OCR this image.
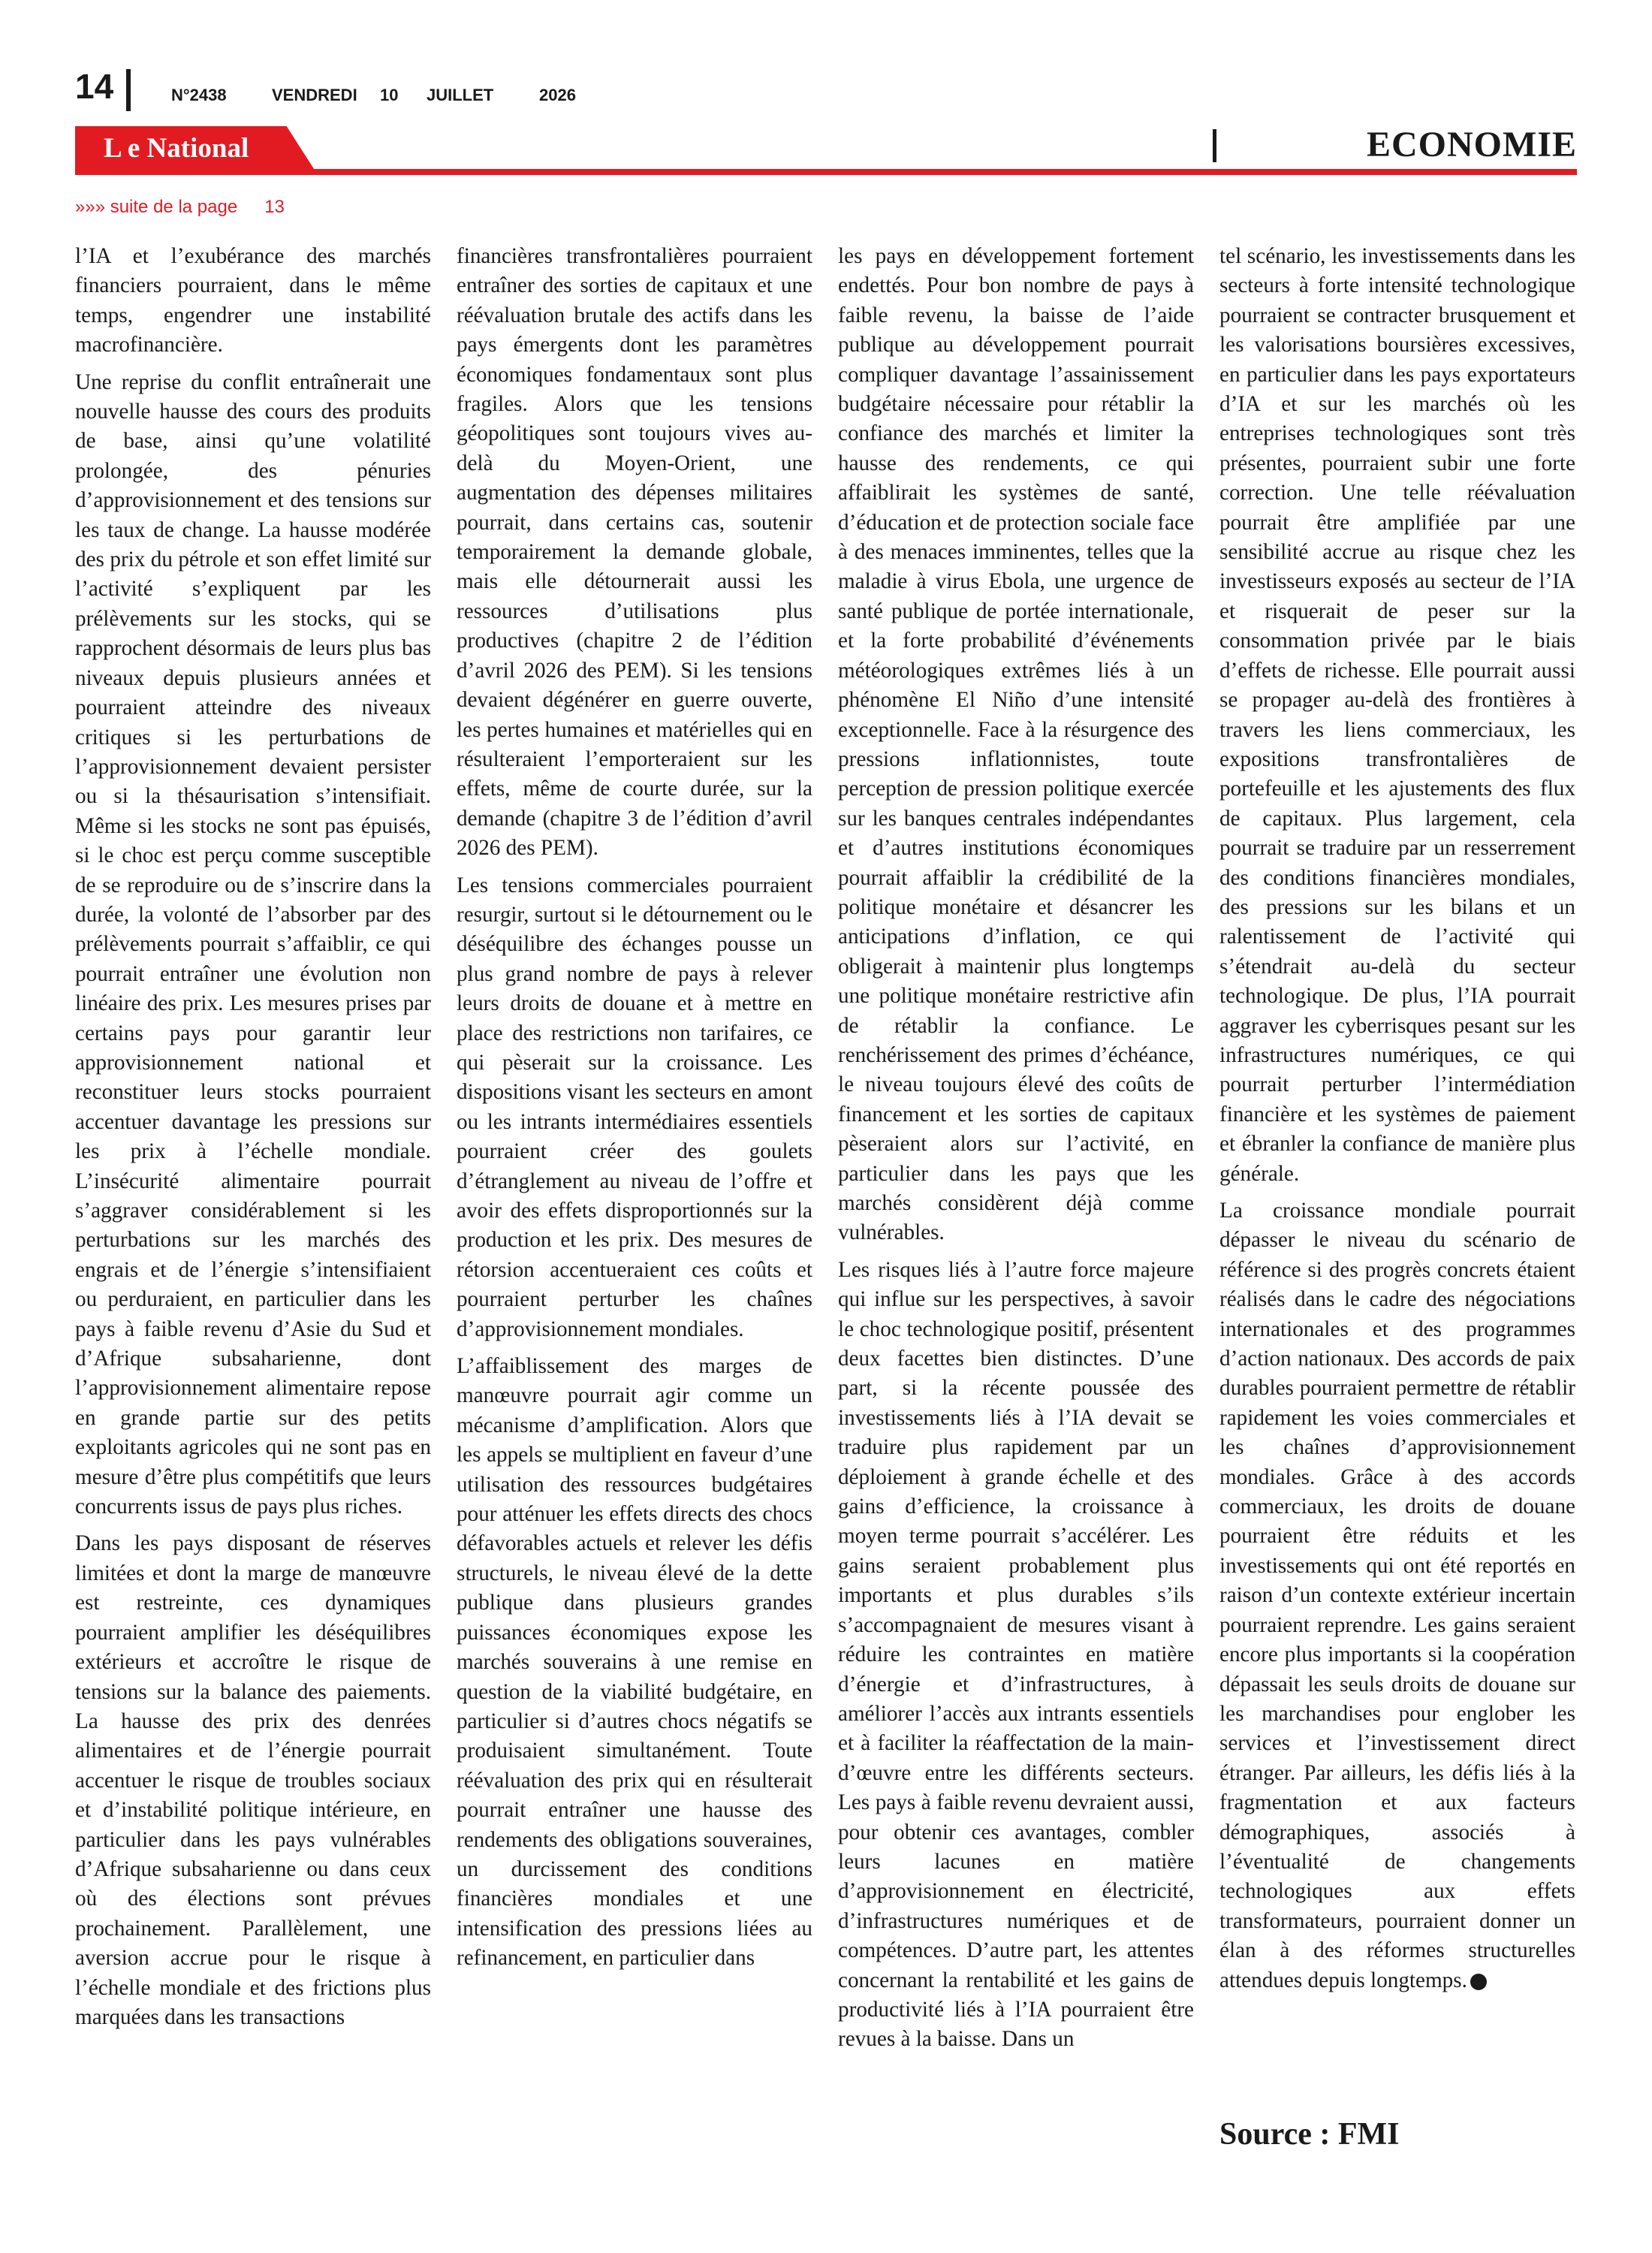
14	N°2438	VENDREDI 10 JUILLET	2026
L e National	ECONOMIE
»»» suite de la page 13

l’IA et l’exubérance des marchés financiers pourraient, dans le même temps, engendrer une instabilité macrofinancière.

Une reprise du conflit entraînerait une nouvelle hausse des cours des produits de base, ainsi qu’une volatilité prolongée, des pénuries d’approvisionnement et des tensions sur les taux de change. La hausse modérée des prix du pétrole et son effet limité sur l’activité s’expliquent par les prélèvements sur les stocks, qui se rapprochent désormais de leurs plus bas niveaux depuis plusieurs années et pourraient atteindre des niveaux critiques si les perturbations de l’approvisionnement devaient persister ou si la thésaurisation s’intensifiait. Même si les stocks ne sont pas épuisés, si le choc est perçu comme susceptible de se reproduire ou de s’inscrire dans la durée, la volonté de l’absorber par des prélèvements pourrait s’affaiblir, ce qui pourrait entraîner une évolution non linéaire des prix. Les mesures prises par certains pays pour garantir leur approvisionnement national et reconstituer leurs stocks pourraient accentuer davantage les pressions sur les prix à l’échelle mondiale. L’insécurité alimentaire pourrait s’aggraver considérablement si les perturbations sur les marchés des engrais et de l’énergie s’intensifiaient ou perduraient, en particulier dans les pays à faible revenu d’Asie du Sud et d’Afrique subsaharienne, dont l’approvisionnement alimentaire repose en grande partie sur des petits exploitants agricoles qui ne sont pas en mesure d’être plus compétitifs que leurs concurrents issus de pays plus riches.

Dans les pays disposant de réserves limitées et dont la marge de manœuvre est restreinte, ces dynamiques pourraient amplifier les déséquilibres extérieurs et accroître le risque de tensions sur la balance des paiements. La hausse des prix des denrées alimentaires et de l’énergie pourrait accentuer le risque de troubles sociaux et d’instabilité politique intérieure, en particulier dans les pays vulnérables d’Afrique subsaharienne ou dans ceux où des élections sont prévues prochainement. Parallèlement, une aversion accrue pour le risque à l’échelle mondiale et des frictions plus marquées dans les transactions

financières transfrontalières pourraient entraîner des sorties de capitaux et une réévaluation brutale des actifs dans les pays émergents dont les paramètres économiques fondamentaux sont plus fragiles. Alors que les tensions géopolitiques sont toujours vives au-delà du Moyen-Orient, une augmentation des dépenses militaires pourrait, dans certains cas, soutenir temporairement la demande globale, mais elle détournerait aussi les ressources d’utilisations plus productives (chapitre 2 de l’édition d’avril 2026 des PEM). Si les tensions devaient dégénérer en guerre ouverte, les pertes humaines et matérielles qui en résulteraient l’emporteraient sur les effets, même de courte durée, sur la demande (chapitre 3 de l’édition d’avril 2026 des PEM).

Les tensions commerciales pourraient resurgir, surtout si le détournement ou le déséquilibre des échanges pousse un plus grand nombre de pays à relever leurs droits de douane et à mettre en place des restrictions non tarifaires, ce qui pèserait sur la croissance. Les dispositions visant les secteurs en amont ou les intrants intermédiaires essentiels pourraient créer des goulets d’étranglement au niveau de l’offre et avoir des effets disproportionnés sur la production et les prix. Des mesures de rétorsion accentueraient ces coûts et pourraient perturber les chaînes d’approvisionnement mondiales.

L’affaiblissement des marges de manœuvre pourrait agir comme un mécanisme d’amplification. Alors que les appels se multiplient en faveur d’une utilisation des ressources budgétaires pour atténuer les effets directs des chocs défavorables actuels et relever les défis structurels, le niveau élevé de la dette publique dans plusieurs grandes puissances économiques expose les marchés souverains à une remise en question de la viabilité budgétaire, en particulier si d’autres chocs négatifs se produisaient simultanément. Toute réévaluation des prix qui en résulterait pourrait entraîner une hausse des rendements des obligations souveraines, un durcissement des conditions financières mondiales et une intensification des pressions liées au refinancement, en particulier dans

les pays en développement fortement endettés. Pour bon nombre de pays à faible revenu, la baisse de l’aide publique au développement pourrait compliquer davantage l’assainissement budgétaire nécessaire pour rétablir la confiance des marchés et limiter la hausse des rendements, ce qui affaiblirait les systèmes de santé, d’éducation et de protection sociale face à des menaces imminentes, telles que la maladie à virus Ebola, une urgence de santé publique de portée internationale, et la forte probabilité d’événements météorologiques extrêmes liés à un phénomène El Niño d’une intensité exceptionnelle. Face à la résurgence des pressions inflationnistes, toute perception de pression politique exercée sur les banques centrales indépendantes et d’autres institutions économiques pourrait affaiblir la crédibilité de la politique monétaire et désancrer les anticipations d’inflation, ce qui obligerait à maintenir plus longtemps une politique monétaire restrictive afin de rétablir la confiance. Le renchérissement des primes d’échéance, le niveau toujours élevé des coûts de financement et les sorties de capitaux pèseraient alors sur l’activité, en particulier dans les pays que les marchés considèrent déjà comme vulnérables.

Les risques liés à l’autre force majeure qui influe sur les perspectives, à savoir le choc technologique positif, présentent deux facettes bien distinctes. D’une part, si la récente poussée des investissements liés à l’IA devait se traduire plus rapidement par un déploiement à grande échelle et des gains d’efficience, la croissance à moyen terme pourrait s’accélérer. Les gains seraient probablement plus importants et plus durables s’ils s’accompagnaient de mesures visant à réduire les contraintes en matière d’énergie et d’infrastructures, à améliorer l’accès aux intrants essentiels et à faciliter la réaffectation de la main-d’œuvre entre les différents secteurs. Les pays à faible revenu devraient aussi, pour obtenir ces avantages, combler leurs lacunes en matière d’approvisionnement en électricité, d’infrastructures numériques et de compétences. D’autre part, les attentes concernant la rentabilité et les gains de productivité liés à l’IA pourraient être revues à la baisse. Dans un

tel scénario, les investissements dans les secteurs à forte intensité technologique pourraient se contracter brusquement et les valorisations boursières excessives, en particulier dans les pays exportateurs d’IA et sur les marchés où les entreprises technologiques sont très présentes, pourraient subir une forte correction. Une telle réévaluation pourrait être amplifiée par une sensibilité accrue au risque chez les investisseurs exposés au secteur de l’IA et risquerait de peser sur la consommation privée par le biais d’effets de richesse. Elle pourrait aussi se propager au-delà des frontières à travers les liens commerciaux, les expositions transfrontalières de portefeuille et les ajustements des flux de capitaux. Plus largement, cela pourrait se traduire par un resserrement des conditions financières mondiales, des pressions sur les bilans et un ralentissement de l’activité qui s’étendrait au-delà du secteur technologique. De plus, l’IA pourrait aggraver les cyberrisques pesant sur les infrastructures numériques, ce qui pourrait perturber l’intermédiation financière et les systèmes de paiement et ébranler la confiance de manière plus générale.

La croissance mondiale pourrait dépasser le niveau du scénario de référence si des progrès concrets étaient réalisés dans le cadre des négociations internationales et des programmes d’action nationaux. Des accords de paix durables pourraient permettre de rétablir rapidement les voies commerciales et les chaînes d’approvisionnement mondiales. Grâce à des accords commerciaux, les droits de douane pourraient être réduits et les investissements qui ont été reportés en raison d’un contexte extérieur incertain pourraient reprendre. Les gains seraient encore plus importants si la coopération dépassait les seuls droits de douane sur les marchandises pour englober les services et l’investissement direct étranger. Par ailleurs, les défis liés à la fragmentation et aux facteurs démographiques, associés à l’éventualité de changements technologiques aux effets transformateurs, pourraient donner un élan à des réformes structurelles attendues depuis longtemps.

Source : FMI
